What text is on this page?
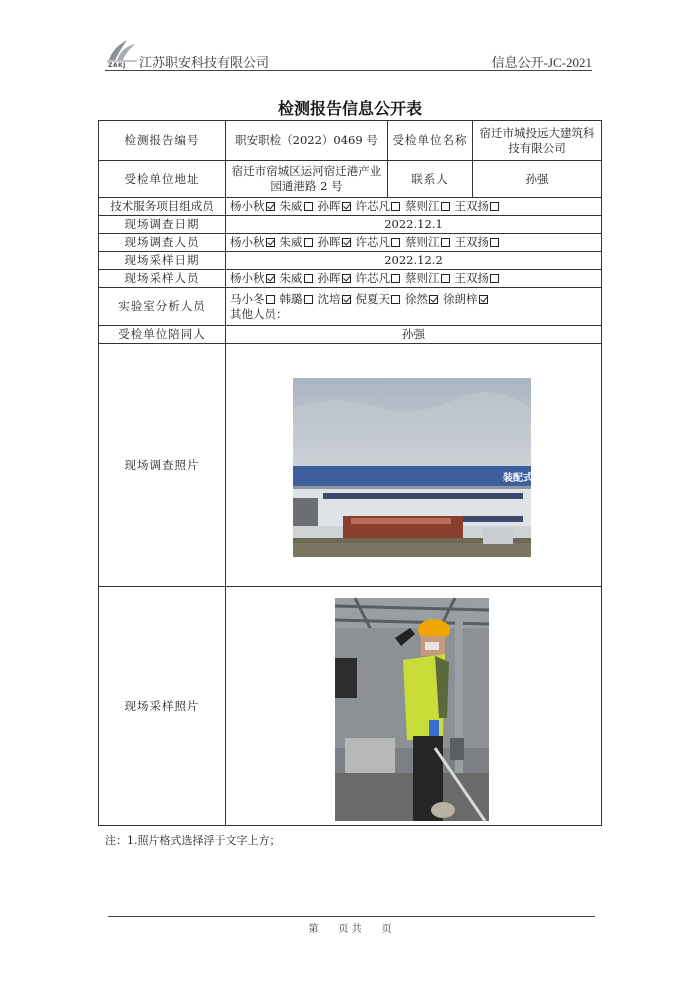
ZAKJ 江苏职安科技有限公司	信息公开-JC-2021
检测报告信息公开表
检测报告编号	职安职检（2022）0469 号	受检单位名称	宿迁市城投远大建筑科技有限公司
受检单位地址	宿迁市宿城区运河宿迁港产业园通港路 2 号	联系人	孙强
技术服务项目组成员	杨小秋 朱威 孙晖 许芯凡 蔡则江 王双扬		
现场调查日期	2022.12.1		
现场调查人员	杨小秋 朱威 孙晖 许芯凡 蔡则江 王双扬		
现场采样日期	2022.12.2		
现场采样人员	杨小秋 朱威 孙晖 许芯凡 蔡则江 王双扬		
实验室分析人员	马小冬 韩璐 沈培 倪夏天 徐然 徐朗梓
其他人员：		

受检单位陪同人	孙强		
现场调查照片			
现场采样照片			
装配式建
注：1.照片格式选择浮于文字上方；
第　　页 共　　页
